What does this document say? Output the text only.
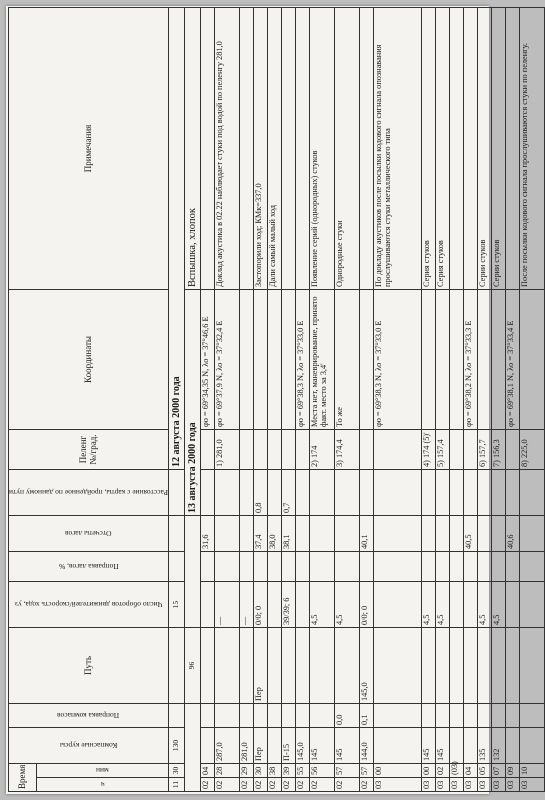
Время		Компасные курсы	Поправка компасов	Путь	Число оборотов движителей/скорость хода, уз	Поправка лагов, %	Отсчеты лагов	Расстояние с карты, пройденное по данному пути	Пеленг №/град.	Координаты	Примечания

ч	мин										

11	30	130			15				12 августа 2000 года		
				96				13 августа 2000 года			Вспышка, хлопок
02	04						31,6			φo = 69°34,35 N, λo = 37°46,6 E	
02	28	287,0			―				1) 281,0	φo = 69°37,9 N, λo = 37°32,4 E	Доклад акустика в 02.22 наблюдает стуки под водой по пеленгу 281,0
02	29	281,0			―						
02	30	Пер		Пер	0/0; 0		37,4	0,8			Застопорили ход; КМк=337,0
02	38						38,0				Дали самый малый ход
02	39	П-15			39/39; 6		38,1	0,7			
02	55	145,0								φo = 69°38,3 N, λo = 37°33,0 E	
02	56	145			4,5				2) 174	Места нет, маневрирование, принято факт. место за 3,4'	Появление серий (однородных) стуков
02	57	145	0,0		4,5				3) 174,4	То же	Однородные стуки
02	57	144,0	0,1	145,0	0/0; 0		40,1				
03	00									φo = 69°38,3 N, λo = 37°33,0 E	По докладу акустиков после посылки кодового сигнала опознавания прослушиваются стуки металлического типа
03	00	145			4,5				4) 174 (5)'		Серия стуков
03	02	145			4,5				5) 157,4		Серия стуков
03	(03)										
03	04						40,5			φo = 69°38,2 N, λo = 37°33,3 E	
03	05	135			4,5				6) 157,7		Серии стуков
03	07	132			4,5				7) 156,3		Серии стуков
03	09						40,6			φo = 69°38,1 N, λo = 37°33,4 E	
03	10								8) 225,0		После посылки кодового сигнала прослушиваются стуки по пеленгу.
